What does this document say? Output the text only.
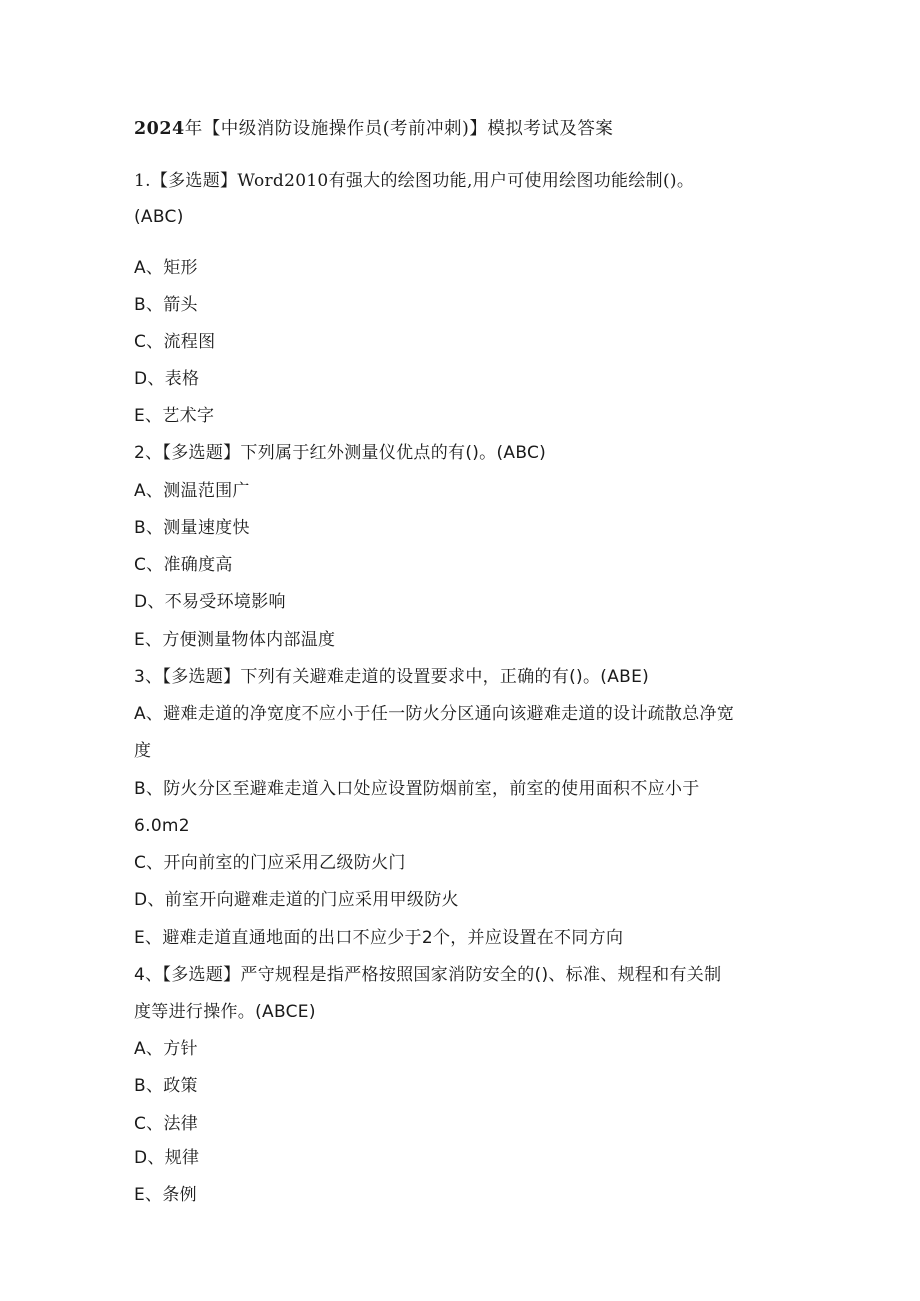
2024年【中级消防设施操作员(考前冲刺)】模拟考试及答案
1.【多选题】Word2010有强大的绘图功能,用户可使用绘图功能绘制()。
(ABC)
A、矩形
B、箭头
C、流程图
D、表格
E、艺术字
2、【多选题】下列属于红外测量仪优点的有()。(ABC)
A、测温范围广
B、测量速度快
C、准确度高
D、不易受环境影响
E、方便测量物体内部温度
3、【多选题】下列有关避难走道的设置要求中，正确的有()。(ABE)
A、避难走道的净宽度不应小于任一防火分区通向该避难走道的设计疏散总净宽
度
B、防火分区至避难走道入口处应设置防烟前室，前室的使用面积不应小于
6.0m2
C、开向前室的门应采用乙级防火门
D、前室开向避难走道的门应采用甲级防火
E、避难走道直通地面的出口不应少于2个，并应设置在不同方向
4、【多选题】严守规程是指严格按照国家消防安全的()、标准、规程和有关制
度等进行操作。(ABCE)
A、方针
B、政策
C、法律
D、规律
E、条例
